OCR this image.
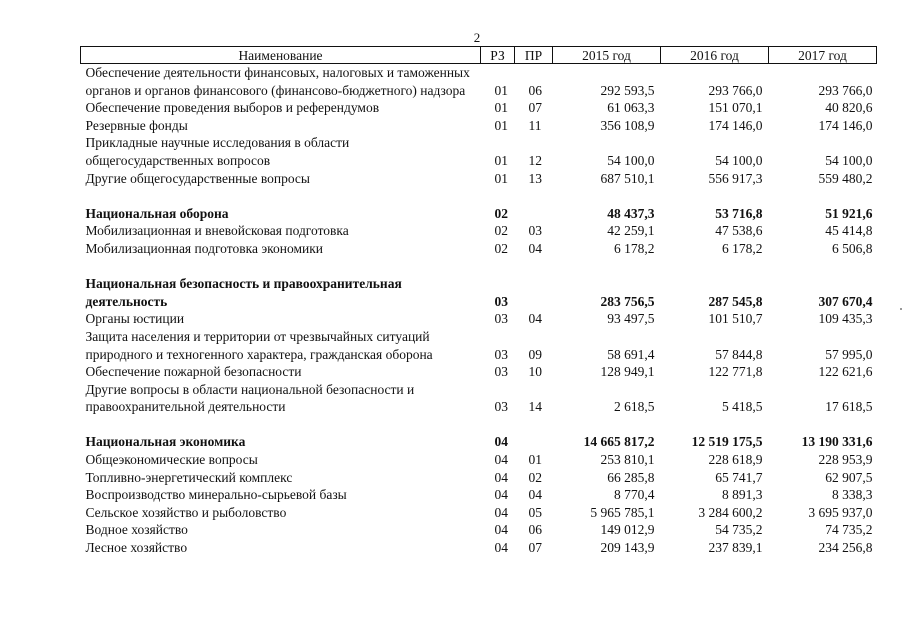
2
Наименование	РЗ	ПР	2015 год	2016 год	2017 год
Обеспечение деятельности финансовых, налоговых и таможенных органов и органов финансового (финансово-бюджетного) надзора	01	06	292 593,5	293 766,0	293 766,0
Обеспечение проведения выборов и референдумов	01	07	61 063,3	151 070,1	40 820,6
Резервные фонды	01	11	356 108,9	174 146,0	174 146,0
Прикладные научные исследования в области общегосударственных вопросов	01	12	54 100,0	54 100,0	54 100,0
Другие общегосударственные вопросы	01	13	687 510,1	556 917,3	559 480,2

Национальная оборона	02		48 437,3	53 716,8	51 921,6
Мобилизационная и вневойсковая подготовка	02	03	42 259,1	47 538,6	45 414,8
Мобилизационная подготовка экономики	02	04	6 178,2	6 178,2	6 506,8

Национальная безопасность и правоохранительная деятельность	03		283 756,5	287 545,8	307 670,4
Органы юстиции	03	04	93 497,5	101 510,7	109 435,3
Защита населения и территории от чрезвычайных ситуаций природного и техногенного характера, гражданская оборона	03	09	58 691,4	57 844,8	57 995,0
Обеспечение пожарной безопасности	03	10	128 949,1	122 771,8	122 621,6
Другие вопросы в области национальной безопасности и правоохранительной деятельности	03	14	2 618,5	5 418,5	17 618,5

Национальная экономика	04		14 665 817,2	12 519 175,5	13 190 331,6
Общеэкономические вопросы	04	01	253 810,1	228 618,9	228 953,9
Топливно-энергетический комплекс	04	02	66 285,8	65 741,7	62 907,5
Воспроизводство минерально-сырьевой базы	04	04	8 770,4	8 891,3	8 338,3
Сельское хозяйство и рыболовство	04	05	5 965 785,1	3 284 600,2	3 695 937,0
Водное хозяйство	04	06	149 012,9	54 735,2	74 735,2
Лесное хозяйство	04	07	209 143,9	237 839,1	234 256,8
